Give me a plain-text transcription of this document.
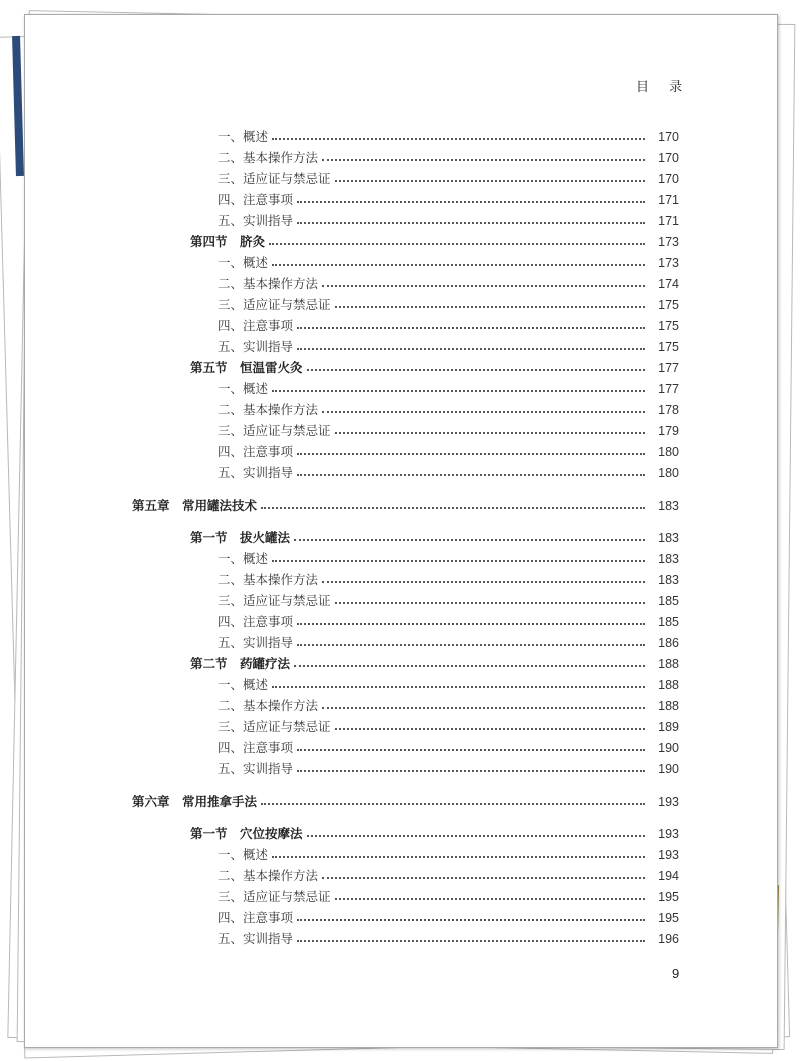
目 录
一、概述	170
二、基本操作方法	170
三、适应证与禁忌证	170
四、注意事项	171
五、实训指导	171
第四节　脐灸	173
一、概述	173
二、基本操作方法	174
三、适应证与禁忌证	175
四、注意事项	175
五、实训指导	175
第五节　恒温雷火灸	177
一、概述	177
二、基本操作方法	178
三、适应证与禁忌证	179
四、注意事项	180
五、实训指导	180
第五章　常用罐法技术	183
第一节　拔火罐法	183
一、概述	183
二、基本操作方法	183
三、适应证与禁忌证	185
四、注意事项	185
五、实训指导	186
第二节　药罐疗法	188
一、概述	188
二、基本操作方法	188
三、适应证与禁忌证	189
四、注意事项	190
五、实训指导	190
第六章　常用推拿手法	193
第一节　穴位按摩法	193
一、概述	193
二、基本操作方法	194
三、适应证与禁忌证	195
四、注意事项	195
五、实训指导	196
9
